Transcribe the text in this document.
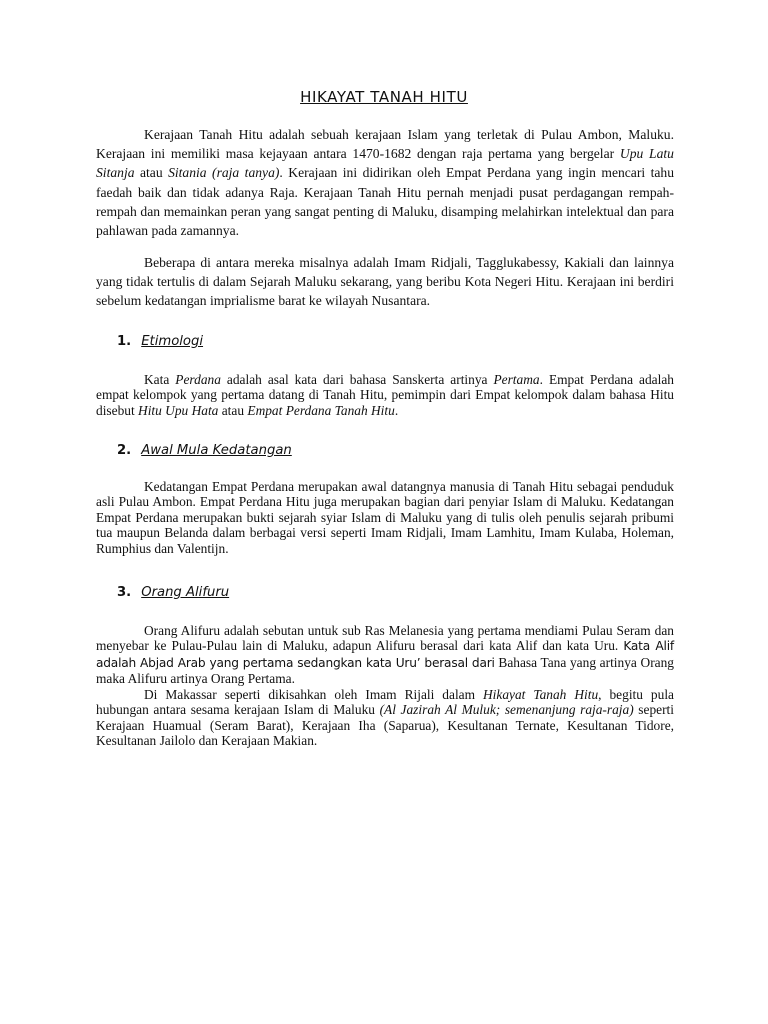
HIKAYAT TANAH HITU

Kerajaan Tanah Hitu adalah sebuah kerajaan Islam yang terletak di Pulau Ambon, Maluku. Kerajaan ini memiliki masa kejayaan antara 1470-1682 dengan raja pertama yang bergelar Upu Latu Sitanja atau Sitania (raja tanya). Kerajaan ini didirikan oleh Empat Perdana yang ingin mencari tahu faedah baik dan tidak adanya Raja. Kerajaan Tanah Hitu pernah menjadi pusat perdagangan rempah-rempah dan memainkan peran yang sangat penting di Maluku, disamping melahirkan intelektual dan para pahlawan pada zamannya.

Beberapa di antara mereka misalnya adalah Imam Ridjali, Tagglukabessy, Kakiali dan lainnya yang tidak tertulis di dalam Sejarah Maluku sekarang, yang beribu Kota Negeri Hitu. Kerajaan ini berdiri sebelum kedatangan imprialisme barat ke wilayah Nusantara.

1. Etimologi

Kata Perdana adalah asal kata dari bahasa Sanskerta artinya Pertama. Empat Perdana adalah empat kelompok yang pertama datang di Tanah Hitu, pemimpin dari Empat kelompok dalam bahasa Hitu disebut Hitu Upu Hata atau Empat Perdana Tanah Hitu.

2. Awal Mula Kedatangan

Kedatangan Empat Perdana merupakan awal datangnya manusia di Tanah Hitu sebagai penduduk asli Pulau Ambon. Empat Perdana Hitu juga merupakan bagian dari penyiar Islam di Maluku. Kedatangan Empat Perdana merupakan bukti sejarah syiar Islam di Maluku yang di tulis oleh penulis sejarah pribumi tua maupun Belanda dalam berbagai versi seperti Imam Ridjali, Imam Lamhitu, Imam Kulaba, Holeman, Rumphius dan Valentijn.

3. Orang Alifuru

Orang Alifuru adalah sebutan untuk sub Ras Melanesia yang pertama mendiami Pulau Seram dan menyebar ke Pulau-Pulau lain di Maluku, adapun Alifuru berasal dari kata Alif dan kata Uru. Kata Alif adalah Abjad Arab yang pertama sedangkan kata Uru’ berasal dari Bahasa Tana yang artinya Orang maka Alifuru artinya Orang Pertama.

Di Makassar seperti dikisahkan oleh Imam Rijali dalam Hikayat Tanah Hitu, begitu pula hubungan antara sesama kerajaan Islam di Maluku (Al Jazirah Al Muluk; semenanjung raja-raja) seperti Kerajaan Huamual (Seram Barat), Kerajaan Iha (Saparua), Kesultanan Ternate, Kesultanan Tidore, Kesultanan Jailolo dan Kerajaan Makian.
